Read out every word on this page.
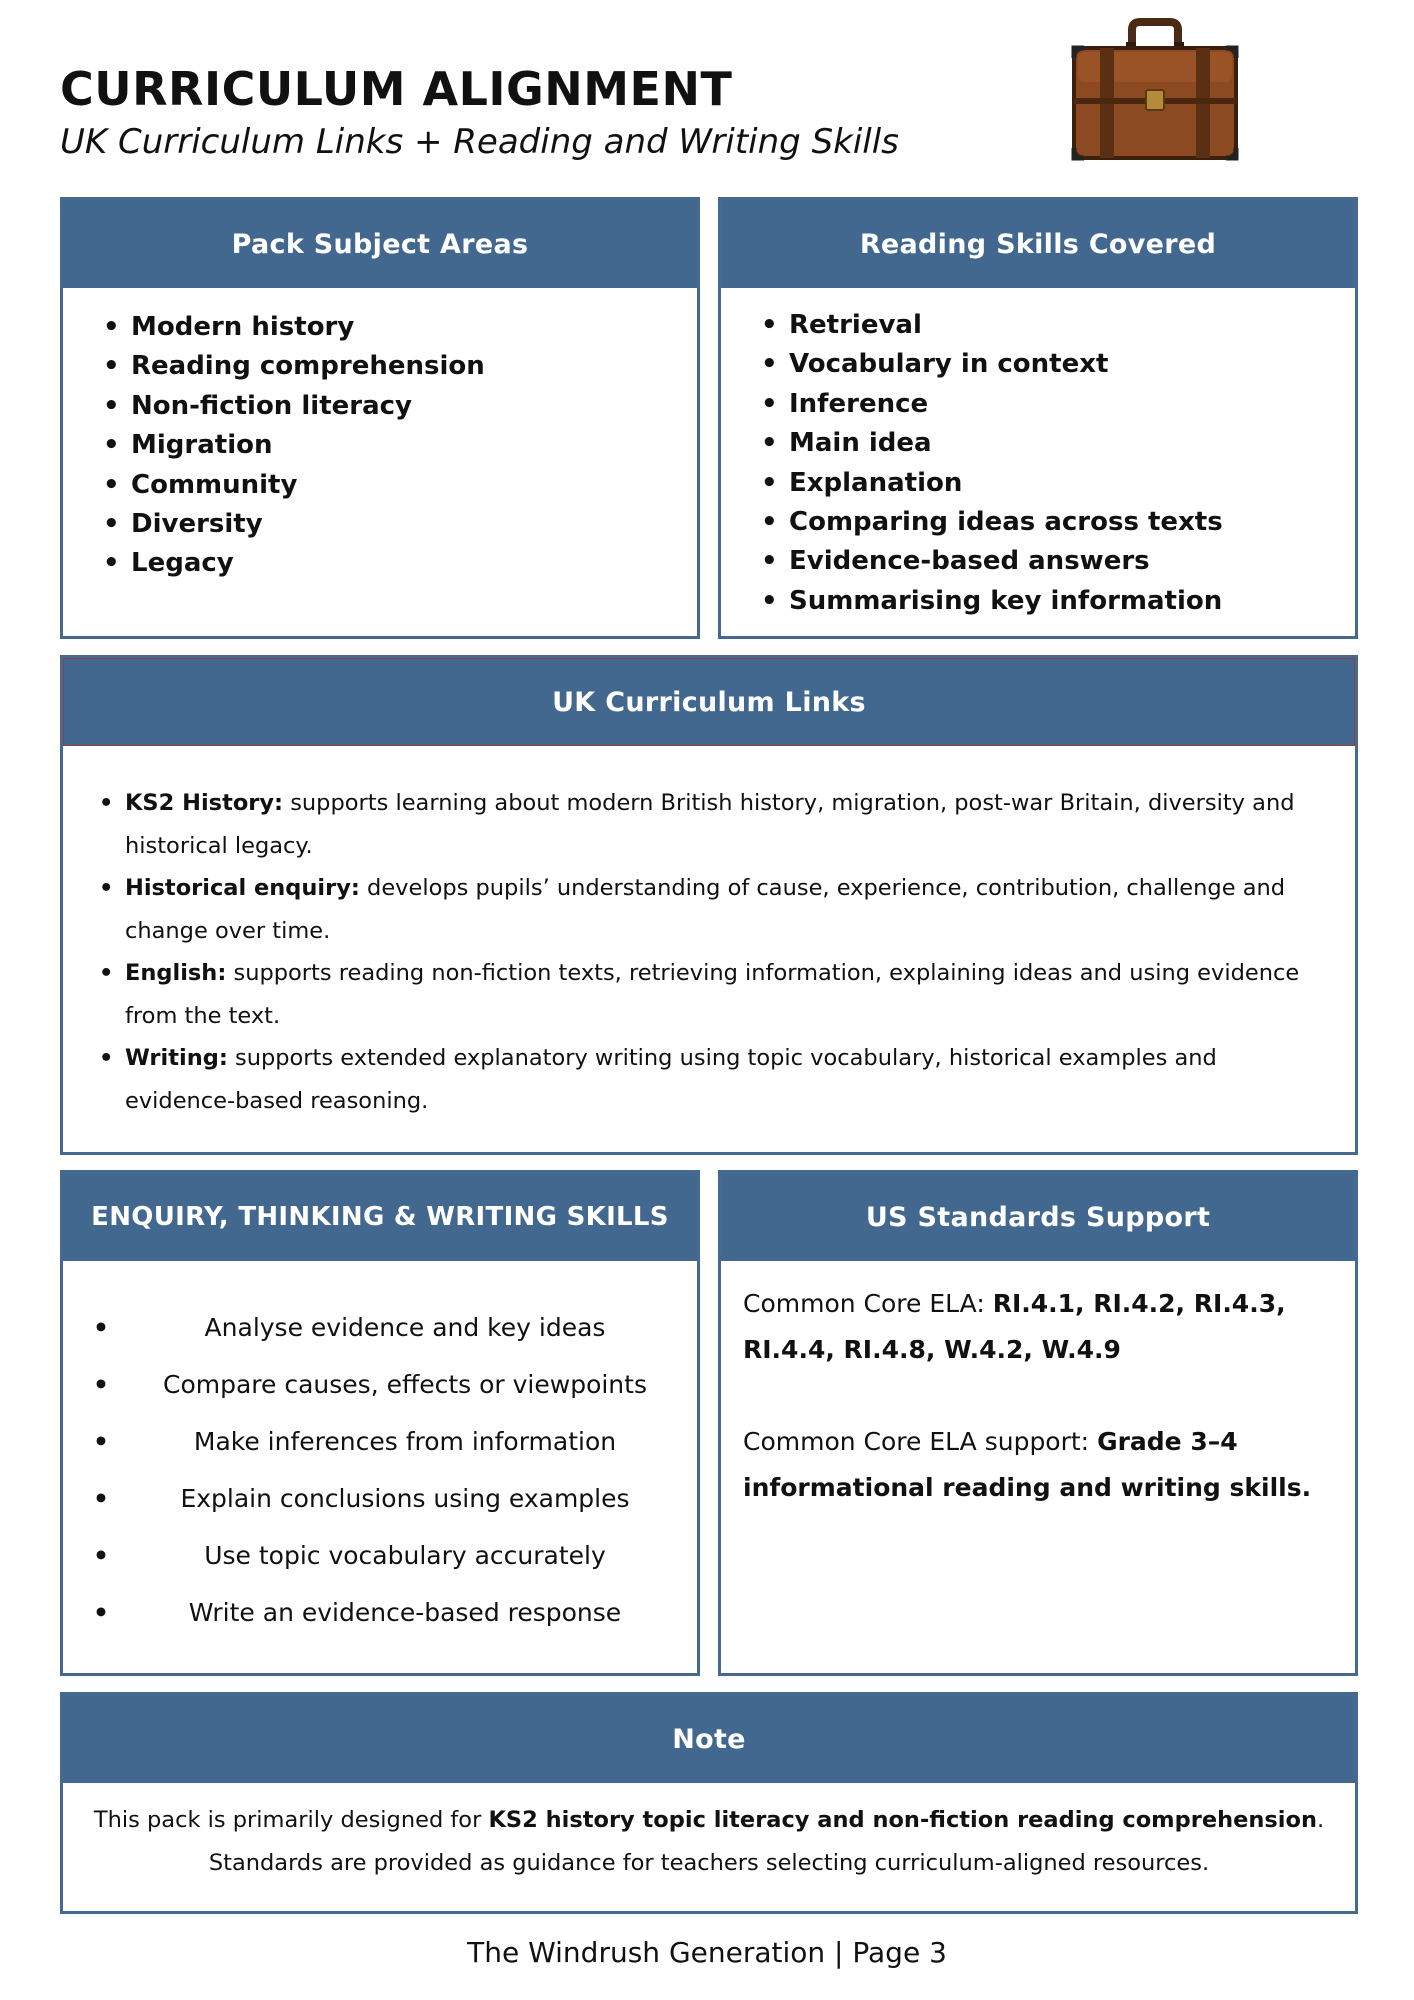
CURRICULUM ALIGNMENT
UK Curriculum Links + Reading and Writing Skills
Pack Subject Areas
• Modern history
• Reading comprehension
• Non-fiction literacy
• Migration
• Community
• Diversity
• Legacy
Reading Skills Covered
• Retrieval
• Vocabulary in context
• Inference
• Main idea
• Explanation
• Comparing ideas across texts
• Evidence-based answers
• Summarising key information
UK Curriculum Links
• KS2 History: supports learning about modern British history, migration, post-war Britain, diversity and historical legacy.
• Historical enquiry: develops pupils’ understanding of cause, experience, contribution, challenge and change over time.
• English: supports reading non-fiction texts, retrieving information, explaining ideas and using evidence from the text.
• Writing: supports extended explanatory writing using topic vocabulary, historical examples and evidence-based reasoning.
ENQUIRY, THINKING & WRITING SKILLS
• Analyse evidence and key ideas
• Compare causes, effects or viewpoints
• Make inferences from information
• Explain conclusions using examples
• Use topic vocabulary accurately
• Write an evidence-based response
US Standards Support

Common Core ELA: RI.4.1, RI.4.2, RI.4.3, RI.4.4, RI.4.8, W.4.2, W.4.9

Common Core ELA support: Grade 3–4 informational reading and writing skills.

Note
This pack is primarily designed for KS2 history topic literacy and non-fiction reading comprehension.
Standards are provided as guidance for teachers selecting curriculum-aligned resources.
The Windrush Generation | Page 3
